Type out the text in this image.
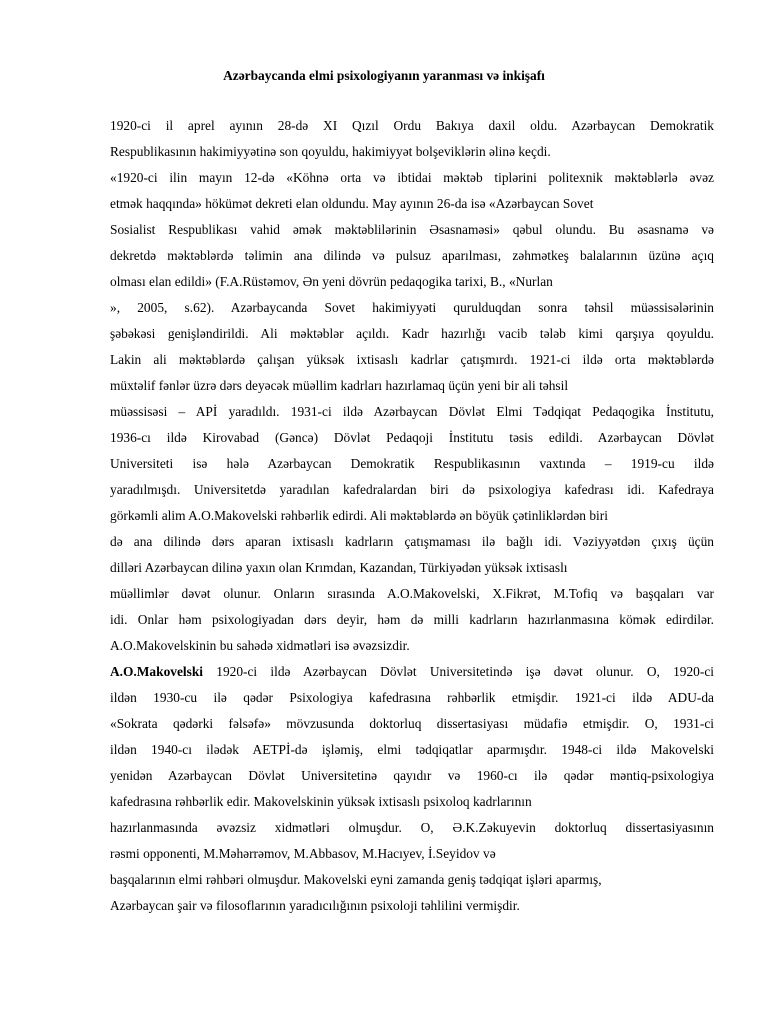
Azərbaycanda elmi psixologiyanın yaranması və inkişafı
1920-ci il aprel ayının 28-də XI Qızıl Ordu Bakıya daxil oldu. Azərbaycan Demokratik
Respublikasının hakimiyyətinə son qoyuldu, hakimiyyət bolşeviklərin əlinə keçdi.
«1920-ci ilin mayın 12-də «Köhnə orta və ibtidai məktəb tiplərini politexnik məktəblərlə əvəz
etmək haqqında» hökümət dekreti elan oldundu. May ayının 26-da isə «Azərbaycan Sovet
Sosialist Respublikası vahid əmək məktəblilərinin Əsasnaməsi» qəbul olundu. Bu əsasnamə və
dekretdə məktəblərdə təlimin ana dilində və pulsuz aparılması, zəhmətkeş balalarının üzünə açıq
olması elan edildi» (F.A.Rüstəmov, Ən yeni dövrün pedaqogika tarixi, B., «Nurlan
», 2005, s.62). Azərbaycanda Sovet hakimiyyəti qurulduqdan sonra təhsil müəssisələrinin
şəbəkəsi genişləndirildi. Ali məktəblər açıldı. Kadr hazırlığı vacib tələb kimi qarşıya qoyuldu.
Lakin ali məktəblərdə çalışan yüksək ixtisaslı kadrlar çatışmırdı. 1921-ci ildə orta məktəblərdə
müxtəlif fənlər üzrə dərs deyəcək müəllim kadrları hazırlamaq üçün yeni bir ali təhsil
müəssisəsi – APİ yaradıldı. 1931-ci ildə Azərbaycan Dövlət Elmi Tədqiqat Pedaqogika İnstitutu,
1936-cı ildə Kirovabad (Gəncə) Dövlət Pedaqoji İnstitutu təsis edildi. Azərbaycan Dövlət
Universiteti isə hələ Azərbaycan Demokratik Respublikasının vaxtında – 1919-cu ildə
yaradılmışdı. Universitetdə yaradılan kafedralardan biri də psixologiya kafedrası idi. Kafedraya
görkəmli alim A.O.Makovelski rəhbərlik edirdi. Ali məktəblərdə ən böyük çətinliklərdən biri
də ana dilində dərs aparan ixtisaslı kadrların çatışmaması ilə bağlı idi. Vəziyyətdən çıxış üçün
dilləri Azərbaycan dilinə yaxın olan Krımdan, Kazandan, Türkiyədən yüksək ixtisaslı
müəllimlər dəvət olunur. Onların sırasında A.O.Makovelski, X.Fikrət, M.Tofiq və başqaları var
idi. Onlar həm psixologiyadan dərs deyir, həm də milli kadrların hazırlanmasına kömək edirdilər.
A.O.Makovelskinin bu sahədə xidmətləri isə əvəzsizdir.
A.O.Makovelski 1920-ci ildə Azərbaycan Dövlət Universitetində işə dəvət olunur. O, 1920-ci
ildən 1930-cu ilə qədər Psixologiya kafedrasına rəhbərlik etmişdir. 1921-ci ildə ADU-da
«Sokrata qədərki fəlsəfə» mövzusunda doktorluq dissertasiyası müdafiə etmişdir. O, 1931-ci
ildən 1940-cı ilədək AETPİ-də işləmiş, elmi tədqiqatlar aparmışdır. 1948-ci ildə Makovelski
yenidən Azərbaycan Dövlət Universitetinə qayıdır və 1960-cı ilə qədər məntiq-psixologiya
kafedrasına rəhbərlik edir. Makovelskinin yüksək ixtisaslı psixoloq kadrlarının
hazırlanmasında əvəzsiz xidmətləri olmuşdur. O, Ə.K.Zəkuyevin doktorluq dissertasiyasının
rəsmi opponenti, M.Məhərrəmov, M.Abbasov, M.Hacıyev, İ.Seyidov və
başqalarının elmi rəhbəri olmuşdur. Makovelski eyni zamanda geniş tədqiqat işləri aparmış,
Azərbaycan şair və filosoflarının yaradıcılığının psixoloji təhlilini vermişdir.
